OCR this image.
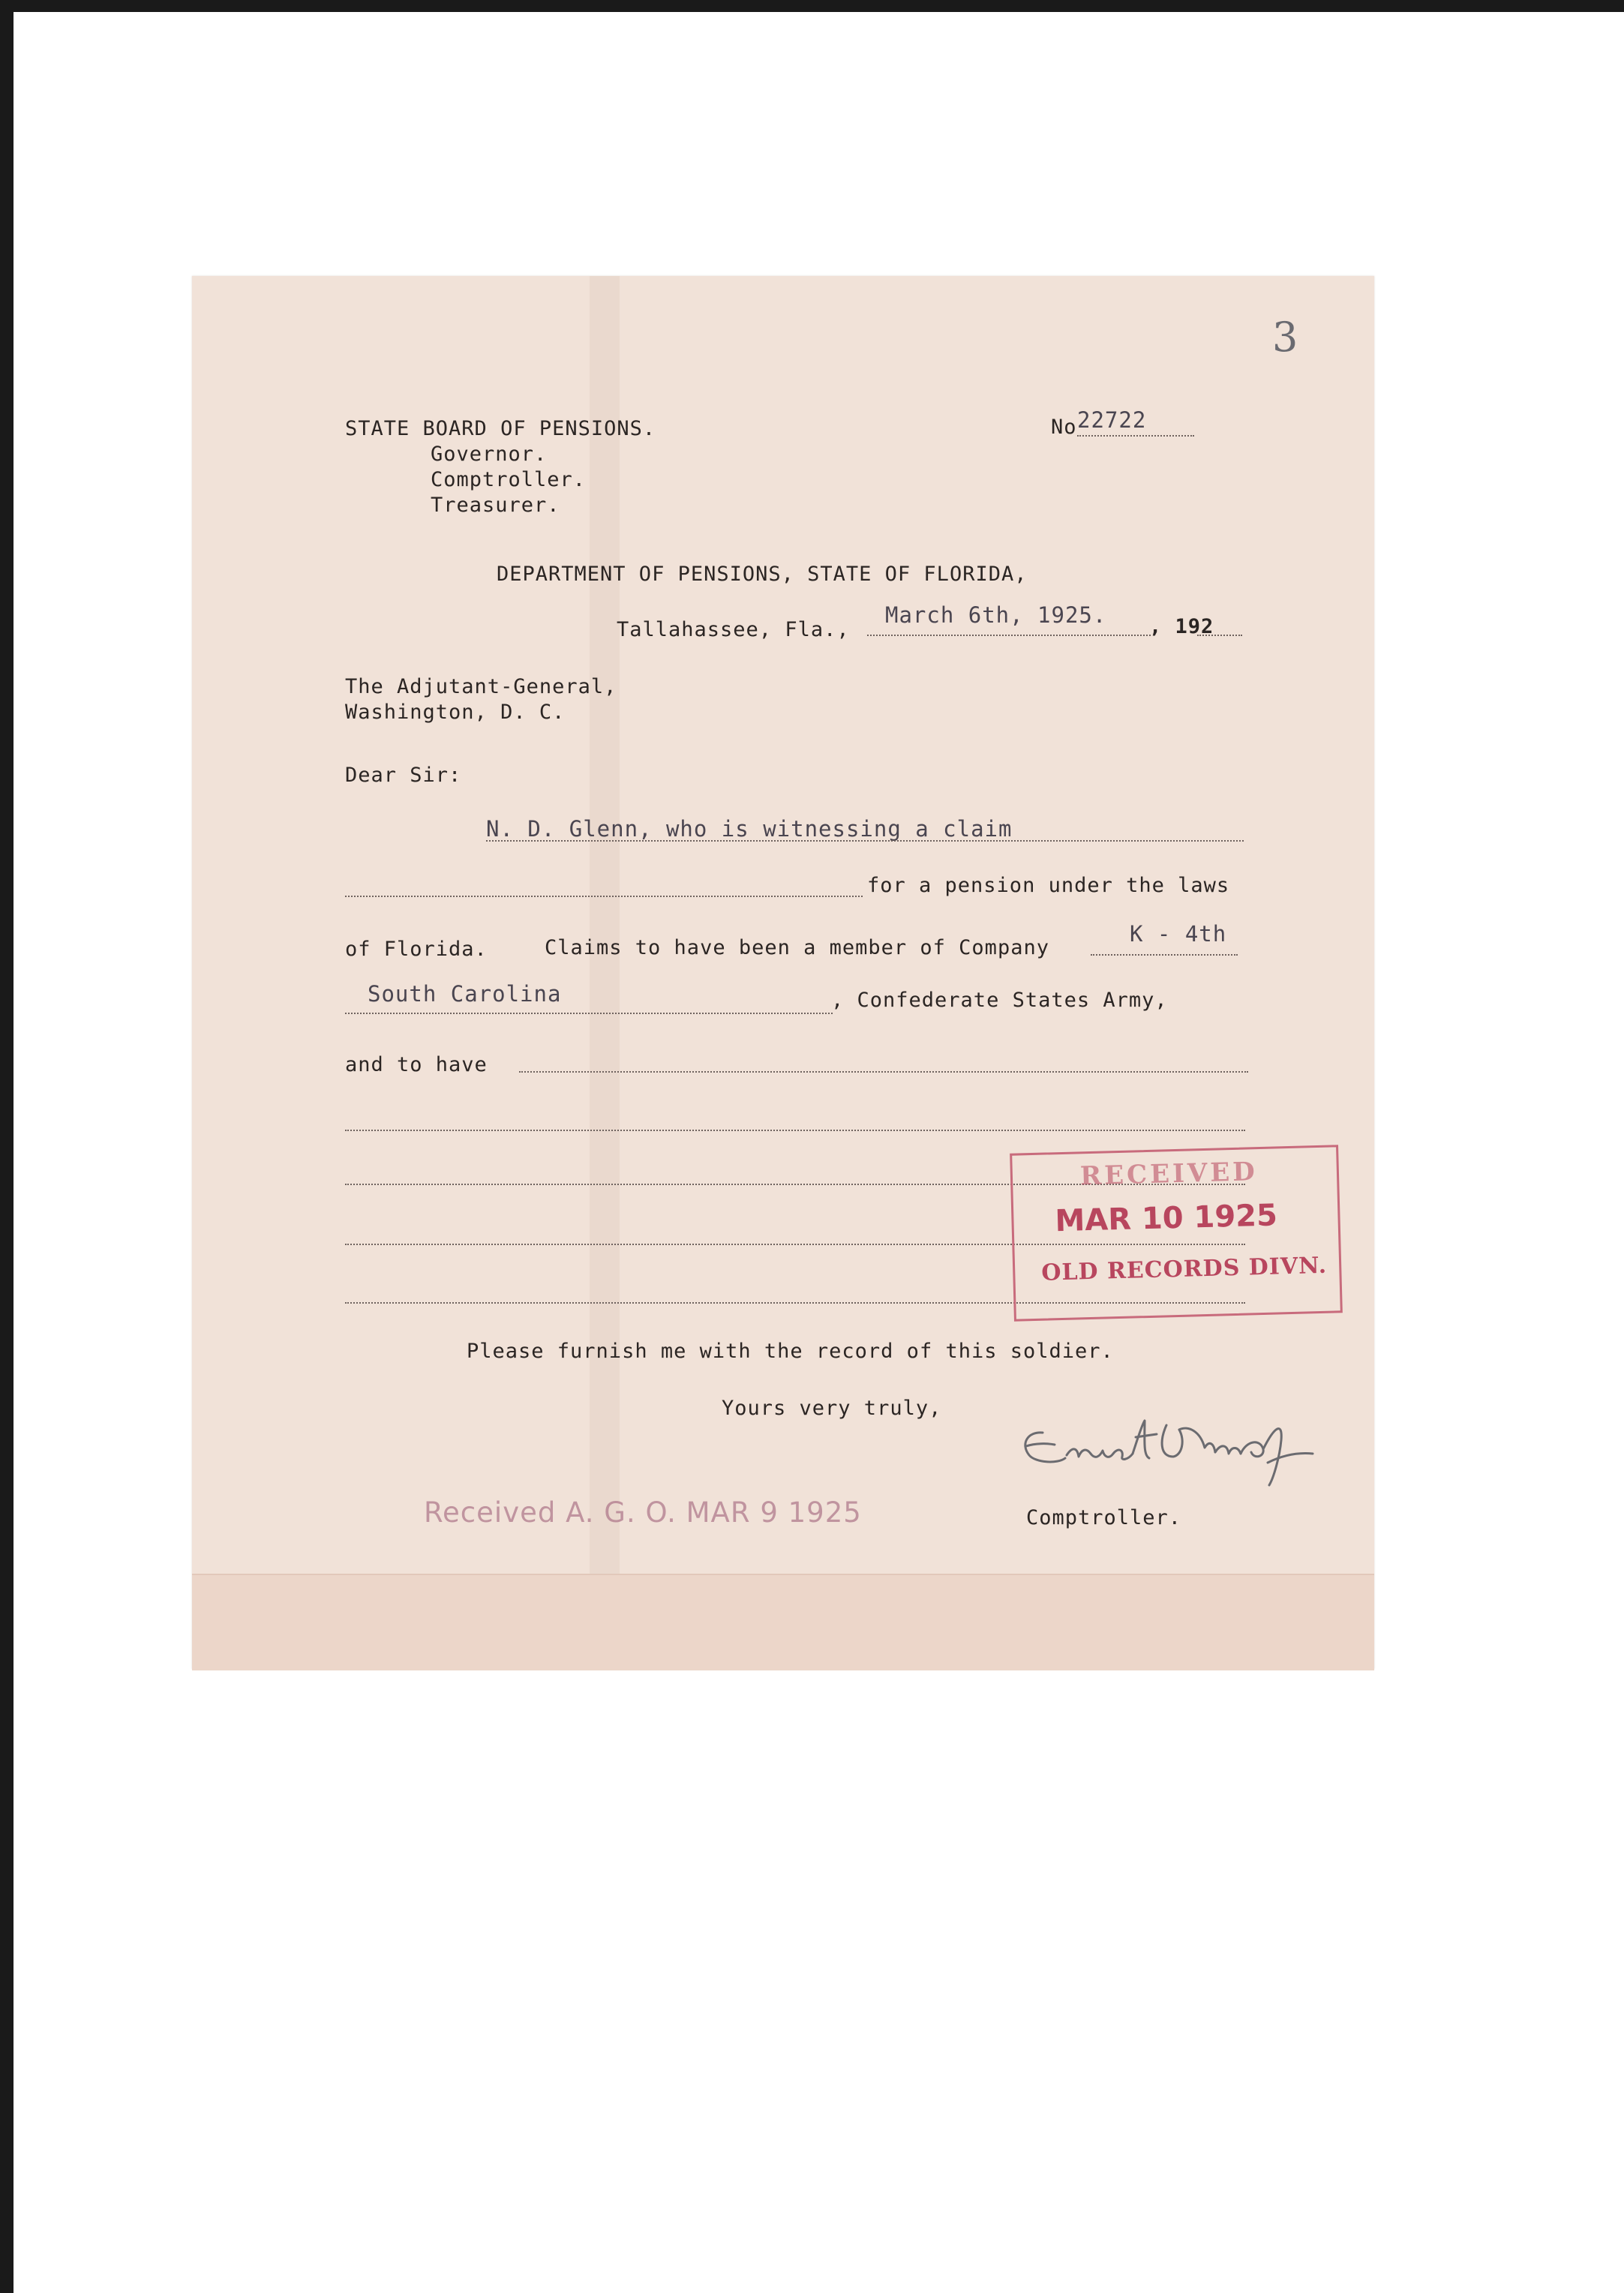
3
STATE BOARD OF PENSIONS.
Governor.
Comptroller.
Treasurer.
No 22722
DEPARTMENT OF PENSIONS, STATE OF FLORIDA,
Tallahassee, Fla.,
March 6th, 1925. , 192
The Adjutant-General,
Washington, D. C.
Dear Sir:
N. D. Glenn, who is witnessing a claim
for a pension under the laws
of Florida.	Claims to have been a member of Company
K - 4th
South Carolina	, Confederate States Army,
and to have
Please furnish me with the record of this soldier.
Yours very truly,
Comptroller.
RECEIVED
MAR 10 1925
OLD RECORDS DIVN.
Received A. G. O. MAR 9 1925
